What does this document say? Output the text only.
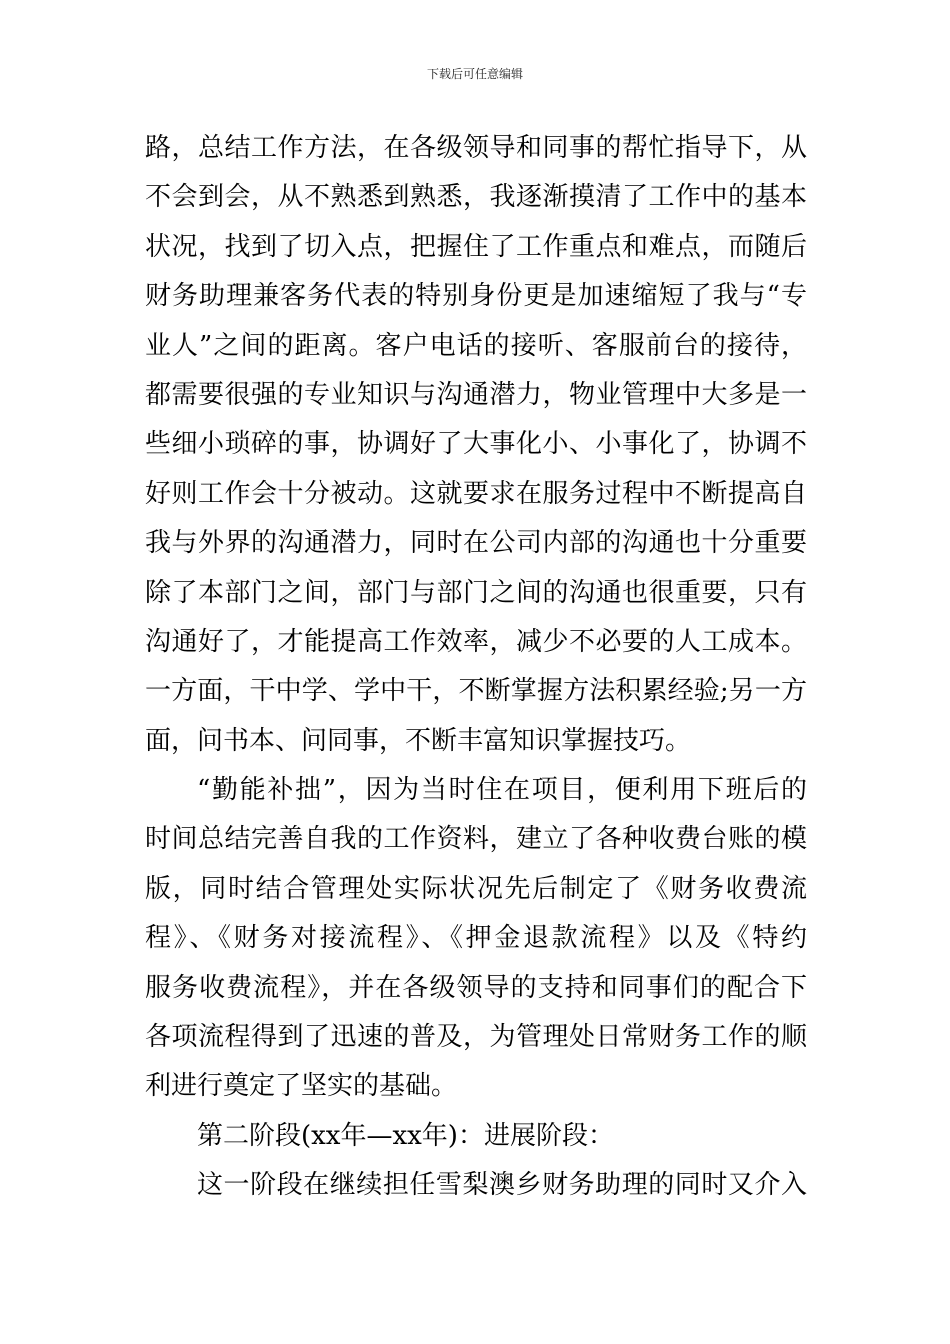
下载后可任意编辑
路，总结工作方法，在各级领导和同事的帮忙指导下，从
不会到会，从不熟悉到熟悉，我逐渐摸清了工作中的基本
状况，找到了切入点，把握住了工作重点和难点，而随后
财务助理兼客务代表的特别身份更是加速缩短了我与“专
业人”之间的距离。客户电话的接听、客服前台的接待，
都需要很强的专业知识与沟通潜力，物业管理中大多是一
些细小琐碎的事，协调好了大事化小、小事化了，协调不
好则工作会十分被动。这就要求在服务过程中不断提高自
我与外界的沟通潜力，同时在公司内部的沟通也十分重要
除了本部门之间，部门与部门之间的沟通也很重要，只有
沟通好了，才能提高工作效率，减少不必要的人工成本。
一方面，干中学、学中干，不断掌握方法积累经验;另一方
面，问书本、问同事，不断丰富知识掌握技巧。
“勤能补拙”，因为当时住在项目，便利用下班后的
时间总结完善自我的工作资料，建立了各种收费台账的模
版，同时结合管理处实际状况先后制定了《财务收费流
程》、《财务对接流程》、《押金退款流程》以及《特约
服务收费流程》，并在各级领导的支持和同事们的配合下
各项流程得到了迅速的普及，为管理处日常财务工作的顺
利进行奠定了坚实的基础。
第二阶段(xx年—xx年)：进展阶段：
这一阶段在继续担任雪梨澳乡财务助理的同时又介入
